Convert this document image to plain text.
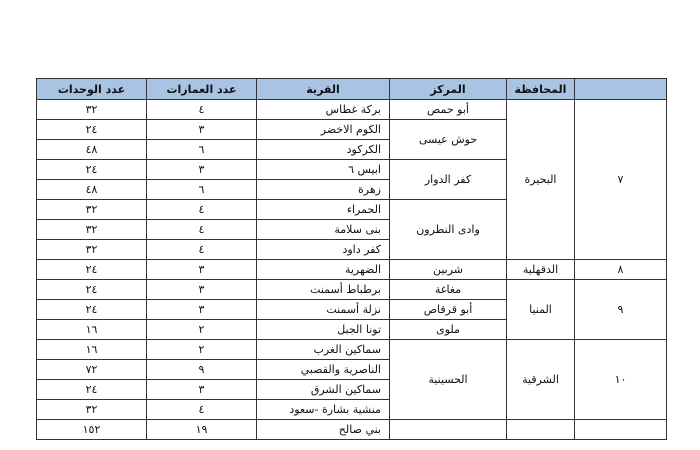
	المحافظة	المركز	القرية	عدد العمارات	عدد الوحدات
٧	البحيرة	أبو حمص	بركة غطاس	٤	٣٢
		حوش عيسى	الكوم الاخضر	٣	٢٤
			الكركود	٦	٤٨
		كفر الدوار	ابيس ٦	٣	٢٤
			زهرة	٦	٤٨
		وادى النطرون	الحمراء	٤	٣٢
			بنى سلامة	٤	٣٢
			كفر داود	٤	٣٢
٨	الدقهلية	شربين	الضهرية	٣	٢٤
٩	المنيا	مغاغة	برطباط أسمنت	٣	٢٤
		أبو قرقاص	نزلة أسمنت	٣	٢٤
		ملوى	تونا الجبل	٢	١٦
١٠	الشرقية	الحسينية	سماكين الغرب	٢	١٦
			الناصرية والقصبي	٩	٧٢
			سماكين الشرق	٣	٢٤
			منشية بشارة -سعود	٤	٣٢
			بني صالح	١٩	١٥٢
